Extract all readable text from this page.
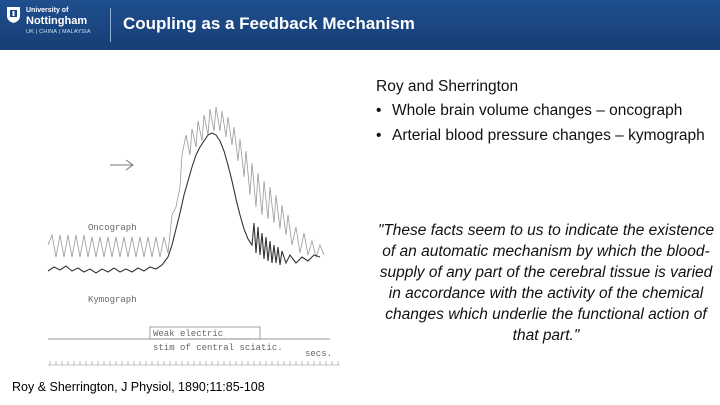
University of
Nottingham
UK | CHINA | MALAYSIA Coupling as a Feedback Mechanism
Oncograph
Kymograph
Weak electric
stim of central sciatic.
secs.
Roy and Sherrington
• Whole brain volume changes – oncograph
• Arterial blood pressure changes – kymograph
"These facts seem to us to indicate the existence of an automatic mechanism by which the blood-supply of any part of the cerebral tissue is varied in accordance with the activity of the chemical changes which underlie the functional action of that part."
Roy & Sherrington, J Physiol, 1890;11:85-108
